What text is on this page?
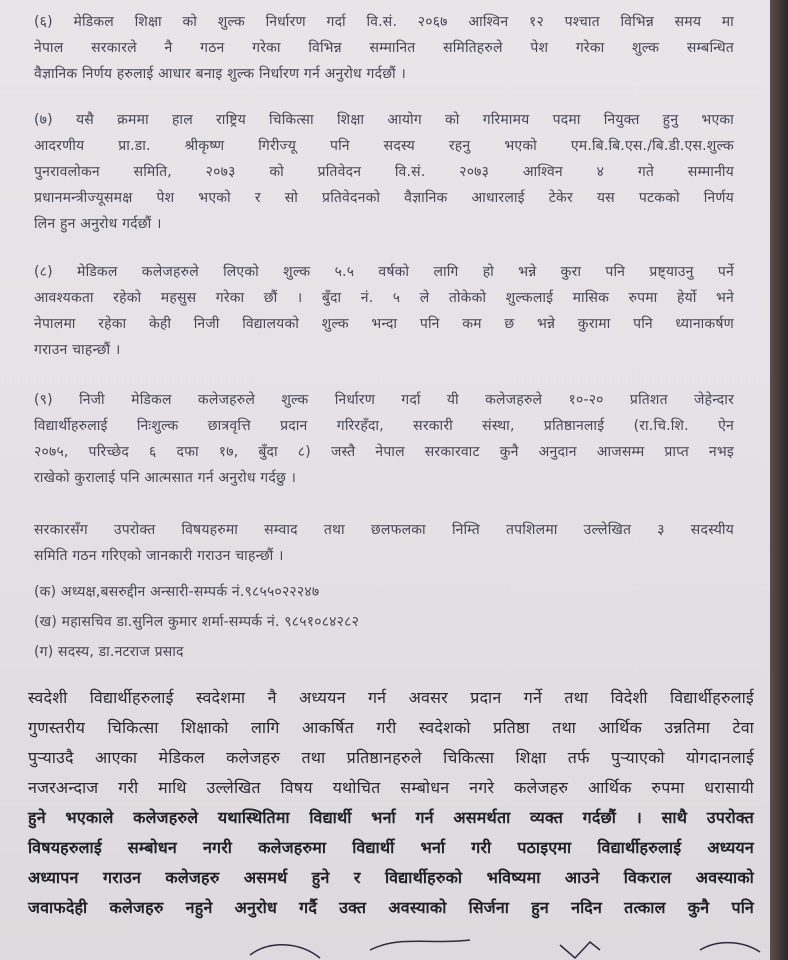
(६) मेडिकल शिक्षा को शुल्क निर्धारण गर्दा वि.सं. २०६७ आश्विन १२ पश्चात विभिन्न समय मा
नेपाल सरकारले नै गठन गरेका विभिन्न सम्मानित समितिहरुले पेश गरेका शुल्क सम्बन्धित
वैज्ञानिक निर्णय हरुलाई आधार बनाइ शुल्क निर्धारण गर्न अनुरोध गर्दछौं ।
(७) यसै क्रममा हाल राष्ट्रिय चिकित्सा शिक्षा आयोग को गरिमामय पदमा नियुक्त हुनु भएका
आदरणीय प्रा.डा. श्रीकृष्ण गिरीज्यू पनि सदस्य रहनु भएको एम.बि.बि.एस./बि.डी.एस.शुल्क
पुनरावलोकन समिति, २०७३ को प्रतिवेदन वि.सं. २०७३ आश्विन ४ गते सम्मानीय
प्रधानमन्त्रीज्यूसमक्ष पेश भएको र सो प्रतिवेदनको वैज्ञानिक आधारलाई टेकेर यस पटकको निर्णय
लिन हुन अनुरोध गर्दछौं ।
(८) मेडिकल कलेजहरुले लिएको शुल्क ५.५ वर्षको लागि हो भन्ने कुरा पनि प्रष्ट्याउनु पर्ने
आवश्यकता रहेको महसुस गरेका छौं । बुँदा नं. ५ ले तोकेको शुल्कलाई मासिक रुपमा हेर्यो भने
नेपालमा रहेका केही निजी विद्यालयको शुल्क भन्दा पनि कम छ भन्ने कुरामा पनि ध्यानाकर्षण
गराउन चाहन्छौं ।
(९) निजी मेडिकल कलेजहरुले शुल्क निर्धारण गर्दा यी कलेजहरुले १०-२० प्रतिशत जेहेन्दार
विद्यार्थीहरुलाई निःशुल्क छात्रवृत्ति प्रदान गरिरहँदा, सरकारी संस्था, प्रतिष्ठानलाई (रा.चि.शि. ऐन
२०७५, परिच्छेद ६ दफा १७, बुँदा ८) जस्तै नेपाल सरकारवाट कुनै अनुदान आजसम्म प्राप्त नभइ
राखेको कुरालाई पनि आत्मसात गर्न अनुरोध गर्दछु ।
सरकारसँग उपरोक्त विषयहरुमा सम्वाद तथा छलफलका निम्ति तपशिलमा उल्लेखित ३ सदस्यीय
समिति गठन गरिएको जानकारी गराउन चाहन्छौं ।
(क) अध्यक्ष,बसरुद्दीन अन्सारी-सम्पर्क नं.९८५५०२२२४७
(ख) महासचिव डा.सुनिल कुमार शर्मा-सम्पर्क नं. ९८५१०८४२८२
(ग) सदस्य, डा.नटराज प्रसाद
स्वदेशी विद्यार्थीहरुलाई स्वदेशमा नै अध्ययन गर्न अवसर प्रदान गर्ने तथा विदेशी विद्यार्थीहरुलाई
गुणस्तरीय चिकित्सा शिक्षाको लागि आकर्षित गरी स्वदेशको प्रतिष्ठा तथा आर्थिक उन्नतिमा टेवा
पुऱ्याउदै आएका मेडिकल कलेजहरु तथा प्रतिष्ठानहरुले चिकित्सा शिक्षा तर्फ पुऱ्याएको योगदानलाई
नजरअन्दाज गरी माथि उल्लेखित विषय यथोचित सम्बोधन नगरे कलेजहरु आर्थिक रुपमा धरासायी
हुने भएकाले कलेजहरुले यथास्थितिमा विद्यार्थी भर्ना गर्न असमर्थता व्यक्त गर्दछौं । साथै उपरोक्त
विषयहरुलाई सम्बोधन नगरी कलेजहरुमा विद्यार्थी भर्ना गरी पठाइएमा विद्यार्थीहरुलाई अध्ययन
अध्यापन गराउन कलेजहरु असमर्थ हुने र विद्यार्थीहरुको भविष्यमा आउने विकराल अवस्याको
जवाफदेही कलेजहरु नहुने अनुरोध गर्दै उक्त अवस्याको सिर्जना हुन नदिन तत्काल कुनै पनि
